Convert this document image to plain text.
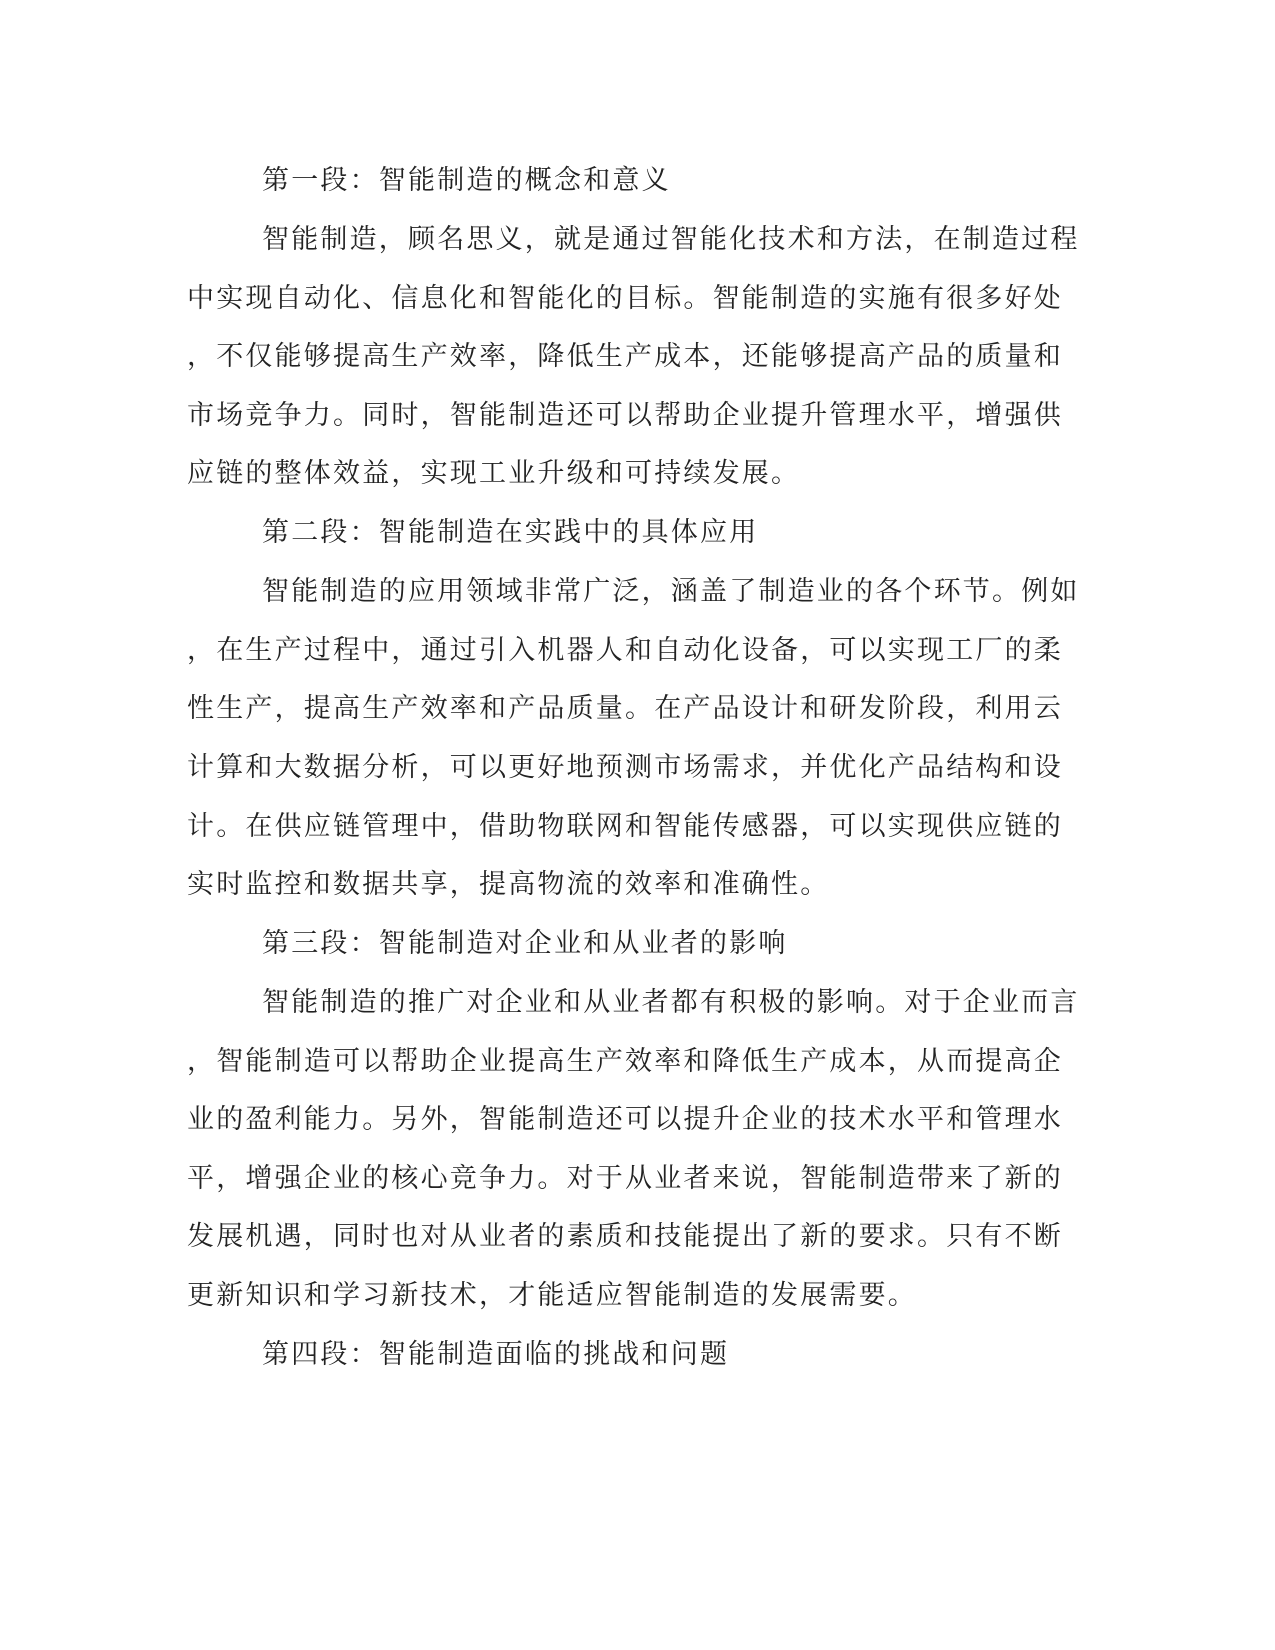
第一段：智能制造的概念和意义
智能制造，顾名思义，就是通过智能化技术和方法，在制造过程
中实现自动化、信息化和智能化的目标。智能制造的实施有很多好处
，不仅能够提高生产效率，降低生产成本，还能够提高产品的质量和
市场竞争力。同时，智能制造还可以帮助企业提升管理水平，增强供
应链的整体效益，实现工业升级和可持续发展。
第二段：智能制造在实践中的具体应用
智能制造的应用领域非常广泛，涵盖了制造业的各个环节。例如
，在生产过程中，通过引入机器人和自动化设备，可以实现工厂的柔
性生产，提高生产效率和产品质量。在产品设计和研发阶段，利用云
计算和大数据分析，可以更好地预测市场需求，并优化产品结构和设
计。在供应链管理中，借助物联网和智能传感器，可以实现供应链的
实时监控和数据共享，提高物流的效率和准确性。
第三段：智能制造对企业和从业者的影响
智能制造的推广对企业和从业者都有积极的影响。对于企业而言
，智能制造可以帮助企业提高生产效率和降低生产成本，从而提高企
业的盈利能力。另外，智能制造还可以提升企业的技术水平和管理水
平，增强企业的核心竞争力。对于从业者来说，智能制造带来了新的
发展机遇，同时也对从业者的素质和技能提出了新的要求。只有不断
更新知识和学习新技术，才能适应智能制造的发展需要。
第四段：智能制造面临的挑战和问题
